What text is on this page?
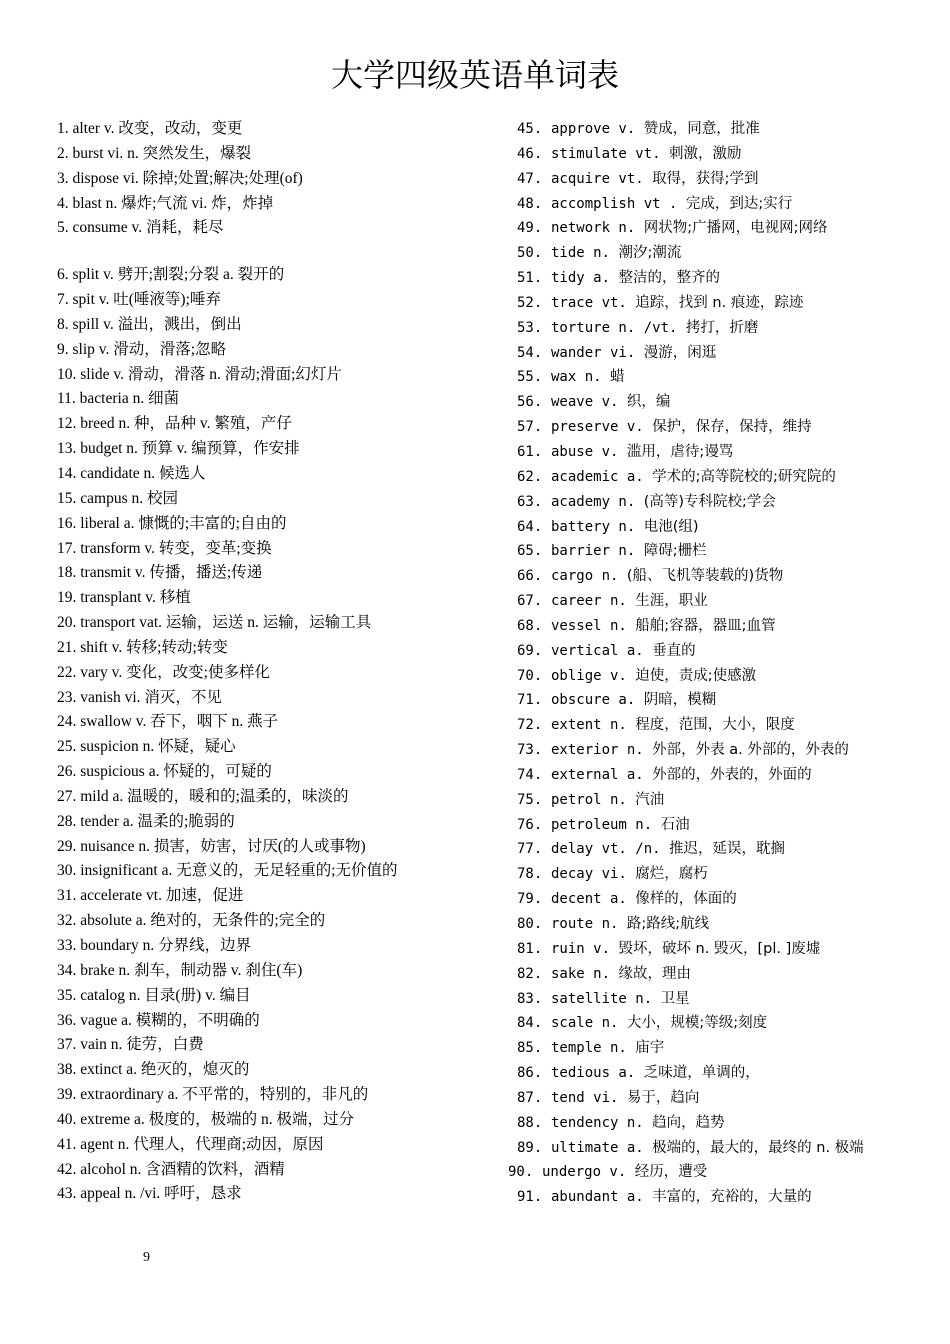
大学四级英语单词表
1. alter v. 改变，改动，变更
2. burst vi. n. 突然发生，爆裂
3. dispose vi. 除掉;处置;解决;处理(of)
4. blast n. 爆炸;气流 vi. 炸，炸掉
5. consume v. 消耗，耗尽
6. split v. 劈开;割裂;分裂 a. 裂开的
7. spit v. 吐(唾液等);唾弃
8. spill v. 溢出，溅出，倒出
9. slip v. 滑动，滑落;忽略
10. slide v. 滑动，滑落 n. 滑动;滑面;幻灯片
11. bacteria n. 细菌
12. breed n. 种，品种 v. 繁殖，产仔
13. budget n. 预算 v. 编预算，作安排
14. candidate n. 候选人
15. campus n. 校园
16. liberal a. 慷慨的;丰富的;自由的
17. transform v. 转变，变革;变换
18. transmit v. 传播，播送;传递
19. transplant v. 移植
20. transport vat. 运输，运送 n. 运输，运输工具
21. shift v. 转移;转动;转变
22. vary v. 变化，改变;使多样化
23. vanish vi. 消灭，不见
24. swallow v. 吞下，咽下 n. 燕子
25. suspicion n. 怀疑，疑心
26. suspicious a. 怀疑的，可疑的
27. mild a. 温暖的，暖和的;温柔的，味淡的
28. tender a. 温柔的;脆弱的
29. nuisance n. 损害，妨害，讨厌(的人或事物)
30. insignificant a. 无意义的，无足轻重的;无价值的
31. accelerate vt. 加速，促进
32. absolute a. 绝对的，无条件的;完全的
33. boundary n. 分界线，边界
34. brake n. 刹车，制动器 v. 刹住(车)
35. catalog n. 目录(册) v. 编目
36. vague a. 模糊的，不明确的
37. vain n. 徒劳，白费
38. extinct a. 绝灭的，熄灭的
39. extraordinary a. 不平常的，特别的，非凡的
40. extreme a. 极度的，极端的 n. 极端，过分
41. agent n. 代理人，代理商;动因，原因
42. alcohol n. 含酒精的饮料，酒精
43. appeal n. /vi. 呼吁，恳求
45. approve v. 赞成，同意，批准
46. stimulate vt. 刺激，激励
47. acquire vt. 取得，获得;学到
48. accomplish vt . 完成，到达;实行
49. network n. 网状物;广播网，电视网;网络
50. tide n. 潮汐;潮流
51. tidy a. 整洁的，整齐的
52. trace vt. 追踪，找到 n. 痕迹，踪迹
53. torture n. /vt. 拷打，折磨
54. wander vi. 漫游，闲逛
55. wax n. 蜡
56. weave v. 织，编
57. preserve v. 保护，保存，保持，维持
61. abuse v. 滥用，虐待;谩骂
62. academic a. 学术的;高等院校的;研究院的
63. academy n. (高等)专科院校;学会
64. battery n. 电池(组)
65. barrier n. 障碍;栅栏
66. cargo n. (船、飞机等装载的)货物
67. career n. 生涯，职业
68. vessel n. 船舶;容器，器皿;血管
69. vertical a. 垂直的
70. oblige v. 迫使，责成;使感激
71. obscure a. 阴暗，模糊
72. extent n. 程度，范围，大小，限度
73. exterior n. 外部，外表 a. 外部的，外表的
74. external a. 外部的，外表的，外面的
75. petrol n. 汽油
76. petroleum n. 石油
77. delay vt. /n. 推迟，延误，耽搁
78. decay vi. 腐烂，腐朽
79. decent a. 像样的，体面的
80. route n. 路;路线;航线
81. ruin v. 毁坏，破坏 n. 毁灭，[pl. ]废墟
82. sake n. 缘故，理由
83. satellite n. 卫星
84. scale n. 大小，规模;等级;刻度
85. temple n. 庙宇
86. tedious a. 乏味道，单调的，
87. tend vi. 易于，趋向
88. tendency n. 趋向，趋势
89. ultimate a. 极端的，最大的，最终的 n. 极端
90. undergo v. 经历，遭受
91. abundant a. 丰富的，充裕的，大量的
9
